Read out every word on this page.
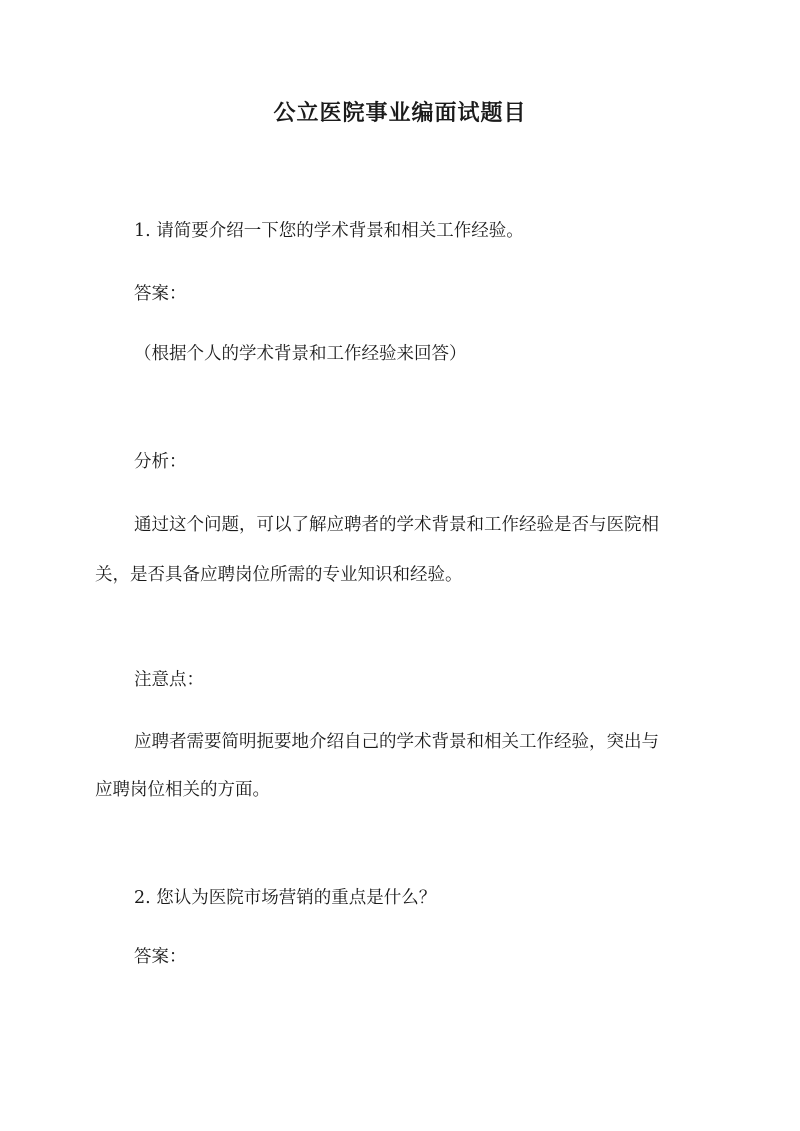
公立医院事业编面试题目
1. 请简要介绍一下您的学术背景和相关工作经验。
答案：
（根据个人的学术背景和工作经验来回答）
分析：
通过这个问题，可以了解应聘者的学术背景和工作经验是否与医院相
关，是否具备应聘岗位所需的专业知识和经验。
注意点：
应聘者需要简明扼要地介绍自己的学术背景和相关工作经验，突出与
应聘岗位相关的方面。
2. 您认为医院市场营销的重点是什么？
答案：
